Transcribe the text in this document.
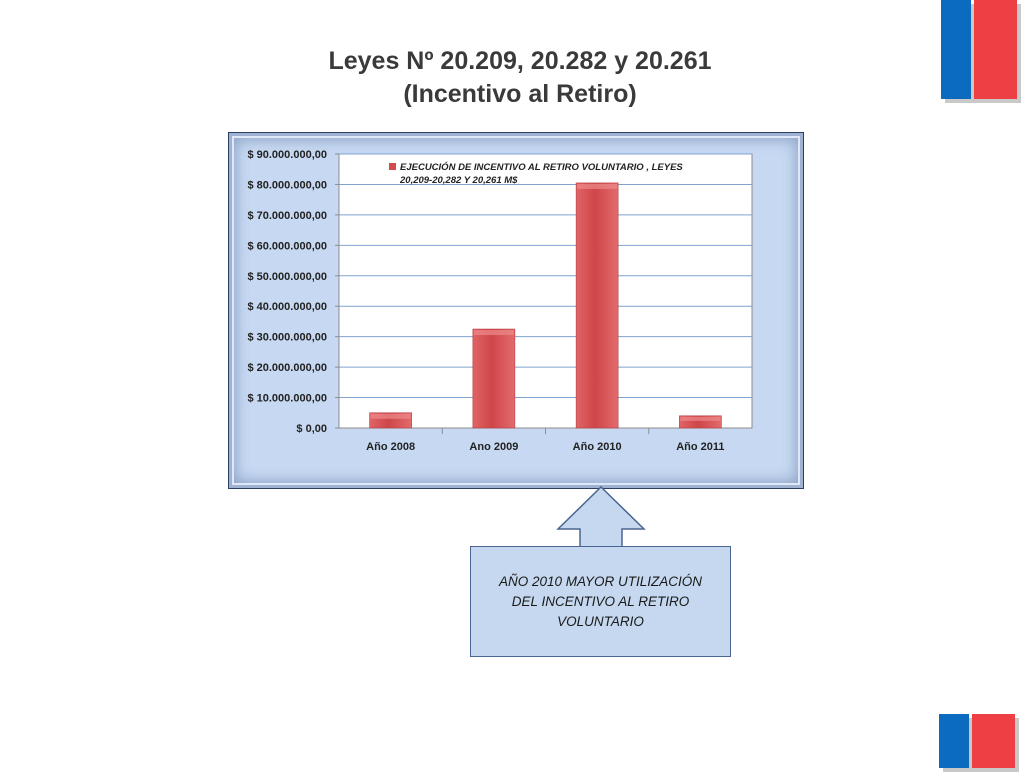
Leyes Nº 20.209, 20.282 y 20.261
(Incentivo al Retiro)
$ 0,00
$ 10.000.000,00
$ 20.000.000,00
$ 30.000.000,00
$ 40.000.000,00
$ 50.000.000,00
$ 60.000.000,00
$ 70.000.000,00
$ 80.000.000,00
$ 90.000.000,00
Año 2008	Ano 2009	Año 2010	Año 2011
EJECUCIÓN DE INCENTIVO AL RETIRO VOLUNTARIO , LEYES
20,209-20,282 Y 20,261 M$
AÑO 2010 MAYOR UTILIZACIÓN
DEL INCENTIVO AL RETIRO
VOLUNTARIO
